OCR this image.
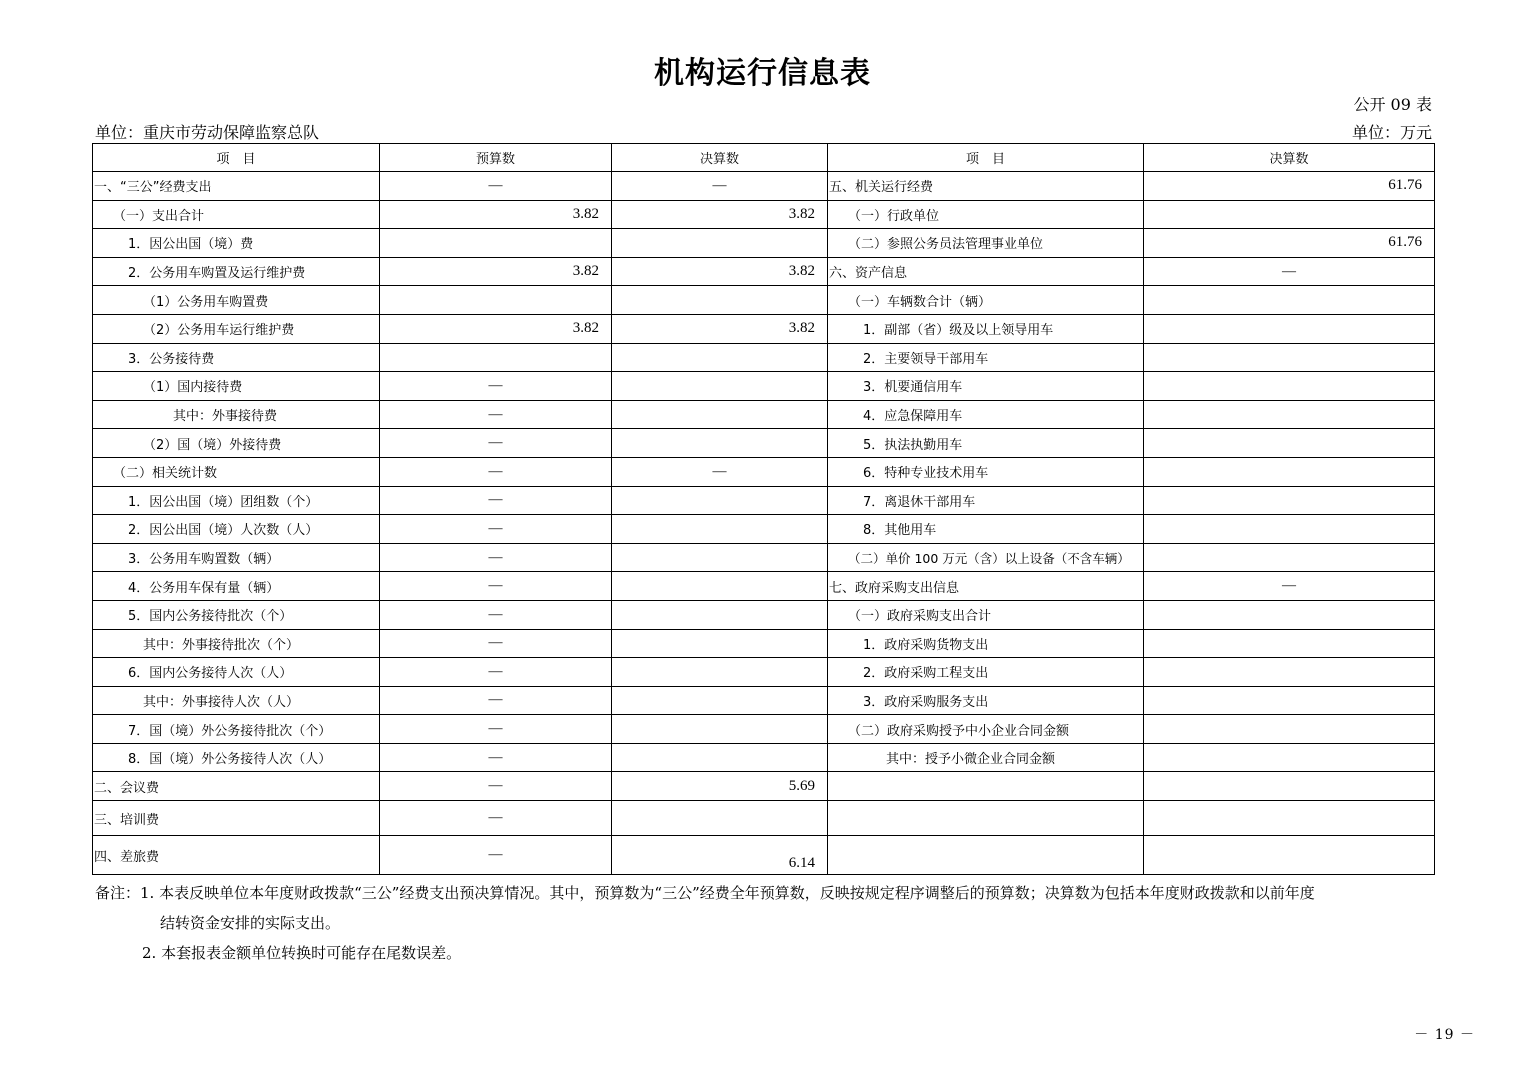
机构运行信息表
公开 09 表
单位：重庆市劳动保障监察总队	单位：万元
项　目	预算数	决算数	项　目	决算数
一、“三公”经费支出	—	—	五、机关运行经费	61.76
（一）支出合计	3.82	3.82	（一）行政单位	
1．因公出国（境）费			（二）参照公务员法管理事业单位	61.76
2．公务用车购置及运行维护费	3.82	3.82	六、资产信息	—
（1）公务用车购置费			（一）车辆数合计（辆）	
（2）公务用车运行维护费	3.82	3.82	1．副部（省）级及以上领导用车	
3．公务接待费			2．主要领导干部用车	
（1）国内接待费	—		3．机要通信用车	
其中：外事接待费	—		4．应急保障用车	
（2）国（境）外接待费	—		5．执法执勤用车	
（二）相关统计数	—	—	6．特种专业技术用车	
1．因公出国（境）团组数（个）	—		7．离退休干部用车	
2．因公出国（境）人次数（人）	—		8．其他用车	
3．公务用车购置数（辆）	—		（二）单价 100 万元（含）以上设备（不含车辆）	
4．公务用车保有量（辆）	—		七、政府采购支出信息	—
5．国内公务接待批次（个）	—		（一）政府采购支出合计	
其中：外事接待批次（个）	—		1．政府采购货物支出	
6．国内公务接待人次（人）	—		2．政府采购工程支出	
其中：外事接待人次（人）	—		3．政府采购服务支出	
7．国（境）外公务接待批次（个）	—		（二）政府采购授予中小企业合同金额	
8．国（境）外公务接待人次（人）	—		其中：授予小微企业合同金额	
二、会议费	—	5.69		
三、培训费	—			
四、差旅费	—	6.14		
备注：1. 本表反映单位本年度财政拨款“三公”经费支出预决算情况。其中，预算数为“三公”经费全年预算数，反映按规定程序调整后的预算数；决算数为包括本年度财政拨款和以前年度
结转资金安排的实际支出。
2. 本套报表金额单位转换时可能存在尾数误差。
－ 19 －
